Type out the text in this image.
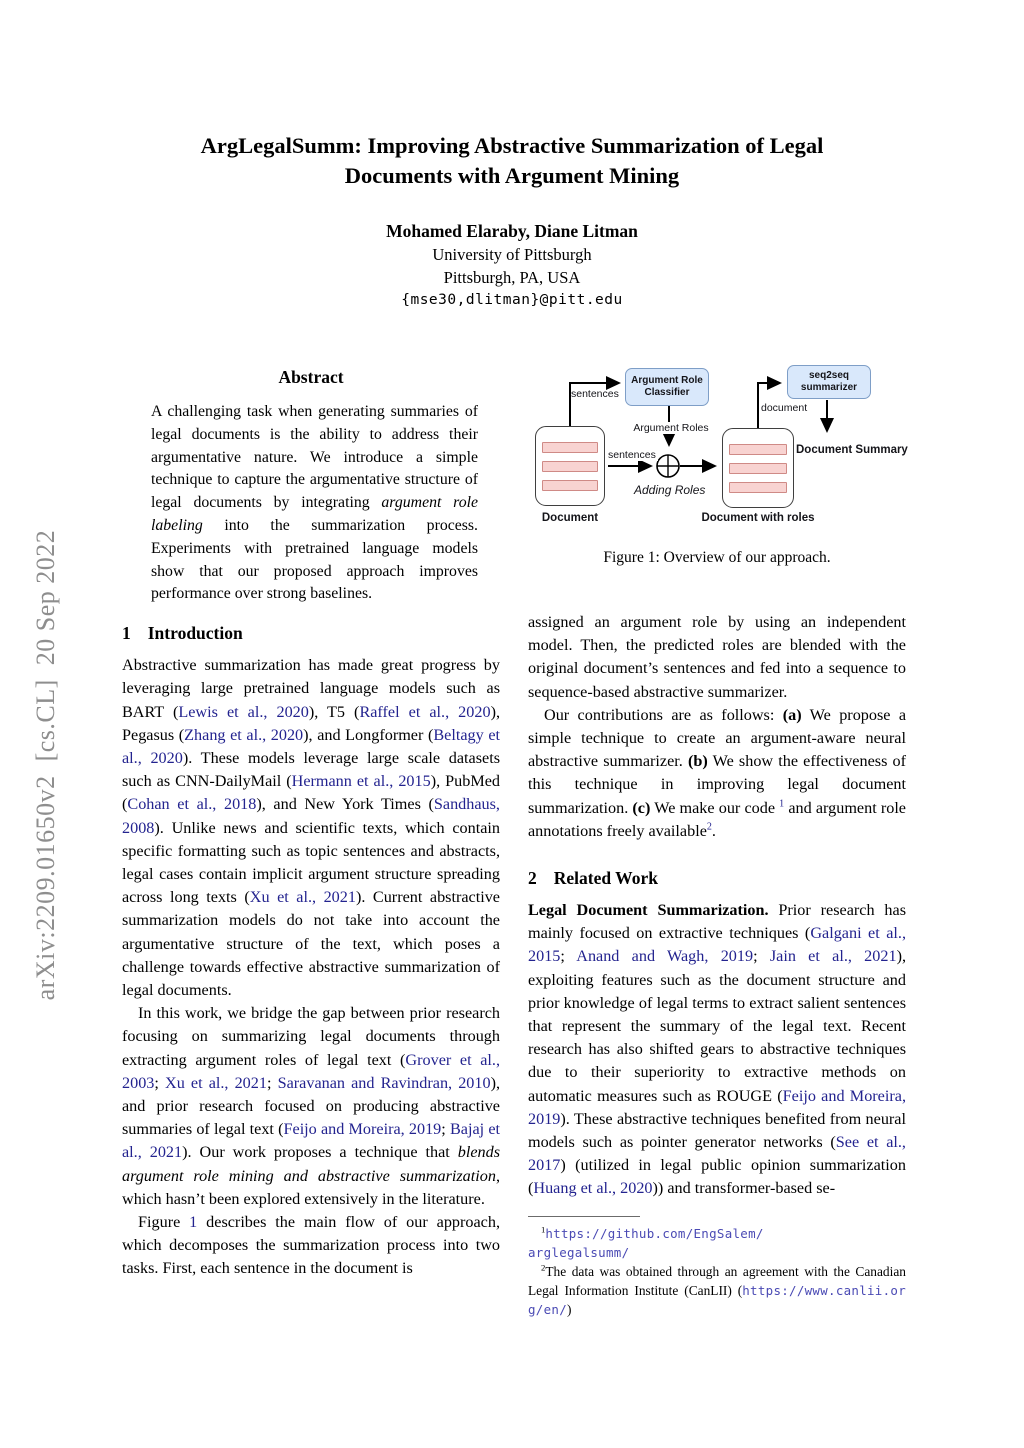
arXiv:2209.01650v2  [cs.CL]  20 Sep 2022
ArgLegalSumm: Improving Abstractive Summarization of Legal
Documents with Argument Mining
Mohamed Elaraby, Diane Litman
University of Pittsburgh
Pittsburgh, PA, USA
{mse30,dlitman}@pitt.edu
Abstract

A challenging task when generating summaries of legal documents is the ability to address their argumentative nature. We introduce a simple technique to capture the argumentative structure of legal documents by integrating argument role labeling into the summarization process. Experiments with pretrained language models show that our proposed approach improves performance over strong baselines.

1 Introduction

Abstractive summarization has made great progress by leveraging large pretrained language models such as BART (Lewis et al., 2020), T5 (Raffel et al., 2020), Pegasus (Zhang et al., 2020), and Longformer (Beltagy et al., 2020). These models leverage large scale datasets such as CNN-DailyMail (Hermann et al., 2015), PubMed (Cohan et al., 2018), and New York Times (Sandhaus, 2008). Unlike news and scientific texts, which contain specific formatting such as topic sentences and abstracts, legal cases contain implicit argument structure spreading across long texts (Xu et al., 2021). Current abstractive summarization models do not take into account the argumentative structure of the text, which poses a challenge towards effective abstractive summarization of legal documents.

In this work, we bridge the gap between prior research focusing on summarizing legal documents through extracting argument roles of legal text (Grover et al., 2003; Xu et al., 2021; Saravanan and Ravindran, 2010), and prior research focused on producing abstractive summaries of legal text (Feijo and Moreira, 2019; Bajaj et al., 2021). Our work proposes a technique that blends argument role mining and abstractive summarization, which hasn’t been explored extensively in the literature.

Figure 1 describes the main flow of our approach, which decomposes the summarization process into two tasks. First, each sentence in the document is

Document
sentences
Argument Role
Classifier
Argument Roles
sentences
Adding Roles
Document with roles
document
seq2seq
summarizer
Document Summary
Figure 1: Overview of our approach.

assigned an argument role by using an independent model. Then, the predicted roles are blended with the original document’s sentences and fed into a sequence to sequence-based abstractive summarizer.

Our contributions are as follows: (a) We propose a simple technique to create an argument-aware neural abstractive summarizer. (b) We show the effectiveness of this technique in improving legal document summarization. (c) We make our code $^1$ and argument role annotations freely available$^2$.

2 Related Work

Legal Document Summarization. Prior research has mainly focused on extractive techniques (Galgani et al., 2015; Anand and Wagh, 2019; Jain et al., 2021), exploiting features such as the document structure and prior knowledge of legal terms to extract salient sentences that represent the summary of the legal text. Recent research has also shifted gears to abstractive techniques due to their superiority to extractive methods on automatic measures such as ROUGE (Feijo and Moreira, 2019). These abstractive techniques benefited from neural models such as pointer generator networks (See et al., 2017) (utilized in legal public opinion summarization (Huang et al., 2020)) and transformer-based se-

$^1$https://github.com/EngSalem/
arglegalsumm/

$^2$The data was obtained through an agreement with the Canadian Legal Information Institute (CanLII) (https://www.canlii.org/en/)
